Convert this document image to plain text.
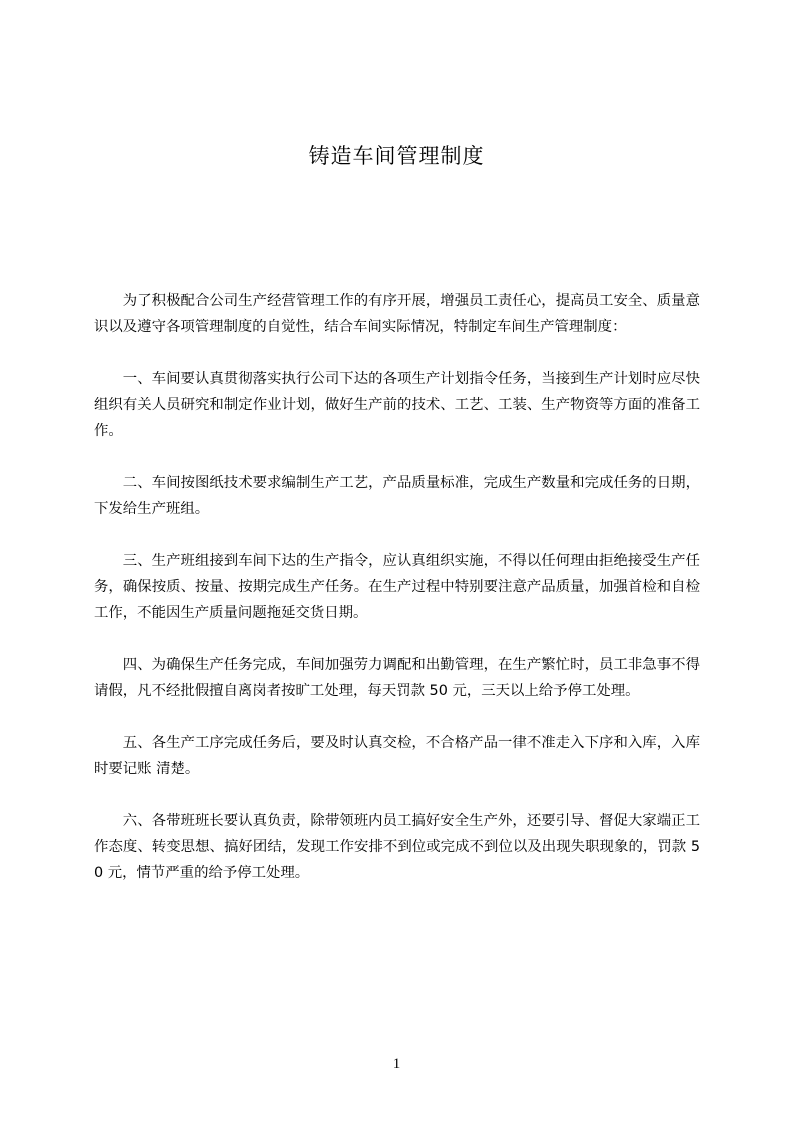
铸造车间管理制度

为了积极配合公司生产经营管理工作的有序开展，增强员工责任心，提高员工安全、质量意识以及遵守各项管理制度的自觉性，结合车间实际情况，特制定车间生产管理制度：

一、车间要认真贯彻落实执行公司下达的各项生产计划指令任务，当接到生产计划时应尽快组织有关人员研究和制定作业计划，做好生产前的技术、工艺、工装、生产物资等方面的准备工作。

二、车间按图纸技术要求编制生产工艺，产品质量标准，完成生产数量和完成任务的日期，下发给生产班组。

三、生产班组接到车间下达的生产指令，应认真组织实施，不得以任何理由拒绝接受生产任务，确保按质、按量、按期完成生产任务。在生产过程中特别要注意产品质量，加强首检和自检工作，不能因生产质量问题拖延交货日期。

四、为确保生产任务完成，车间加强劳力调配和出勤管理，在生产繁忙时，员工非急事不得请假，凡不经批假擅自离岗者按旷工处理，每天罚款 50 元，三天以上给予停工处理。

五、各生产工序完成任务后，要及时认真交检，不合格产品一律不准走入下序和入库，入库时要记账 清楚。

六、各带班班长要认真负责，除带领班内员工搞好安全生产外，还要引导、督促大家端正工作态度、转变思想、搞好团结，发现工作安排不到位或完成不到位以及出现失职现象的，罚款 50 元，情节严重的给予停工处理。

1
